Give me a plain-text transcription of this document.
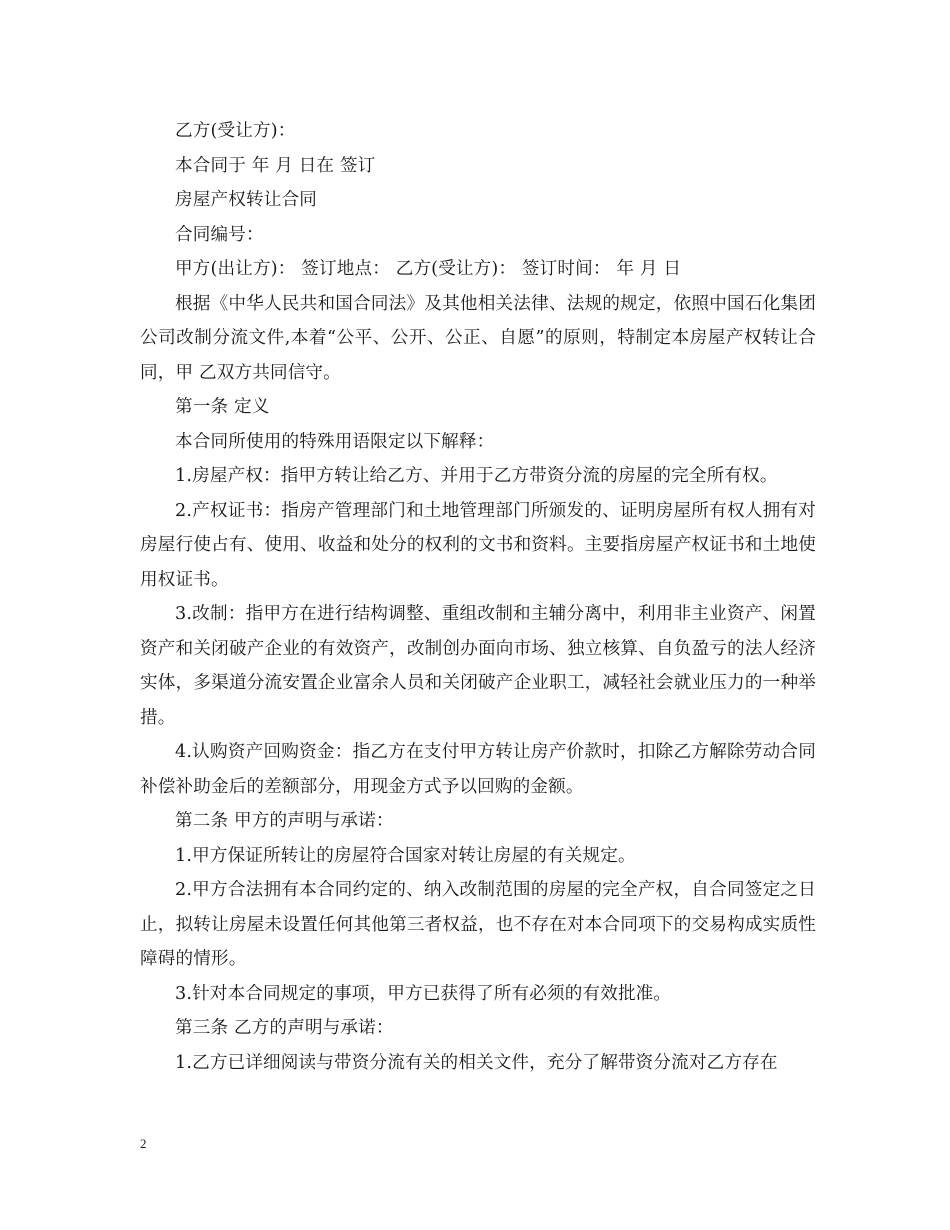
乙方(受让方)：

本合同于 年 月 日在 签订

房屋产权转让合同

合同编号：

甲方(出让方)： 签订地点： 乙方(受让方)： 签订时间： 年 月 日

根据《中华人民共和国合同法》及其他相关法律、法规的规定，依照中国石化集团公司改制分流文件,本着“公平、公开、公正、自愿”的原则，特制定本房屋产权转让合同，甲 乙双方共同信守。

第一条 定义

本合同所使用的特殊用语限定以下解释：

1.房屋产权：指甲方转让给乙方、并用于乙方带资分流的房屋的完全所有权。

2.产权证书：指房产管理部门和土地管理部门所颁发的、证明房屋所有权人拥有对房屋行使占有、使用、收益和处分的权利的文书和资料。主要指房屋产权证书和土地使用权证书。

3.改制：指甲方在进行结构调整、重组改制和主辅分离中，利用非主业资产、闲置资产和关闭破产企业的有效资产，改制创办面向市场、独立核算、自负盈亏的法人经济实体，多渠道分流安置企业富余人员和关闭破产企业职工，减轻社会就业压力的一种举措。

4.认购资产回购资金：指乙方在支付甲方转让房产价款时，扣除乙方解除劳动合同补偿补助金后的差额部分，用现金方式予以回购的金额。

第二条 甲方的声明与承诺：

1.甲方保证所转让的房屋符合国家对转让房屋的有关规定。

2.甲方合法拥有本合同约定的、纳入改制范围的房屋的完全产权，自合同签定之日止，拟转让房屋未设置任何其他第三者权益，也不存在对本合同项下的交易构成实质性障碍的情形。

3.针对本合同规定的事项，甲方已获得了所有必须的有效批准。

第三条 乙方的声明与承诺：

1.乙方已详细阅读与带资分流有关的相关文件，充分了解带资分流对乙方存在

2
